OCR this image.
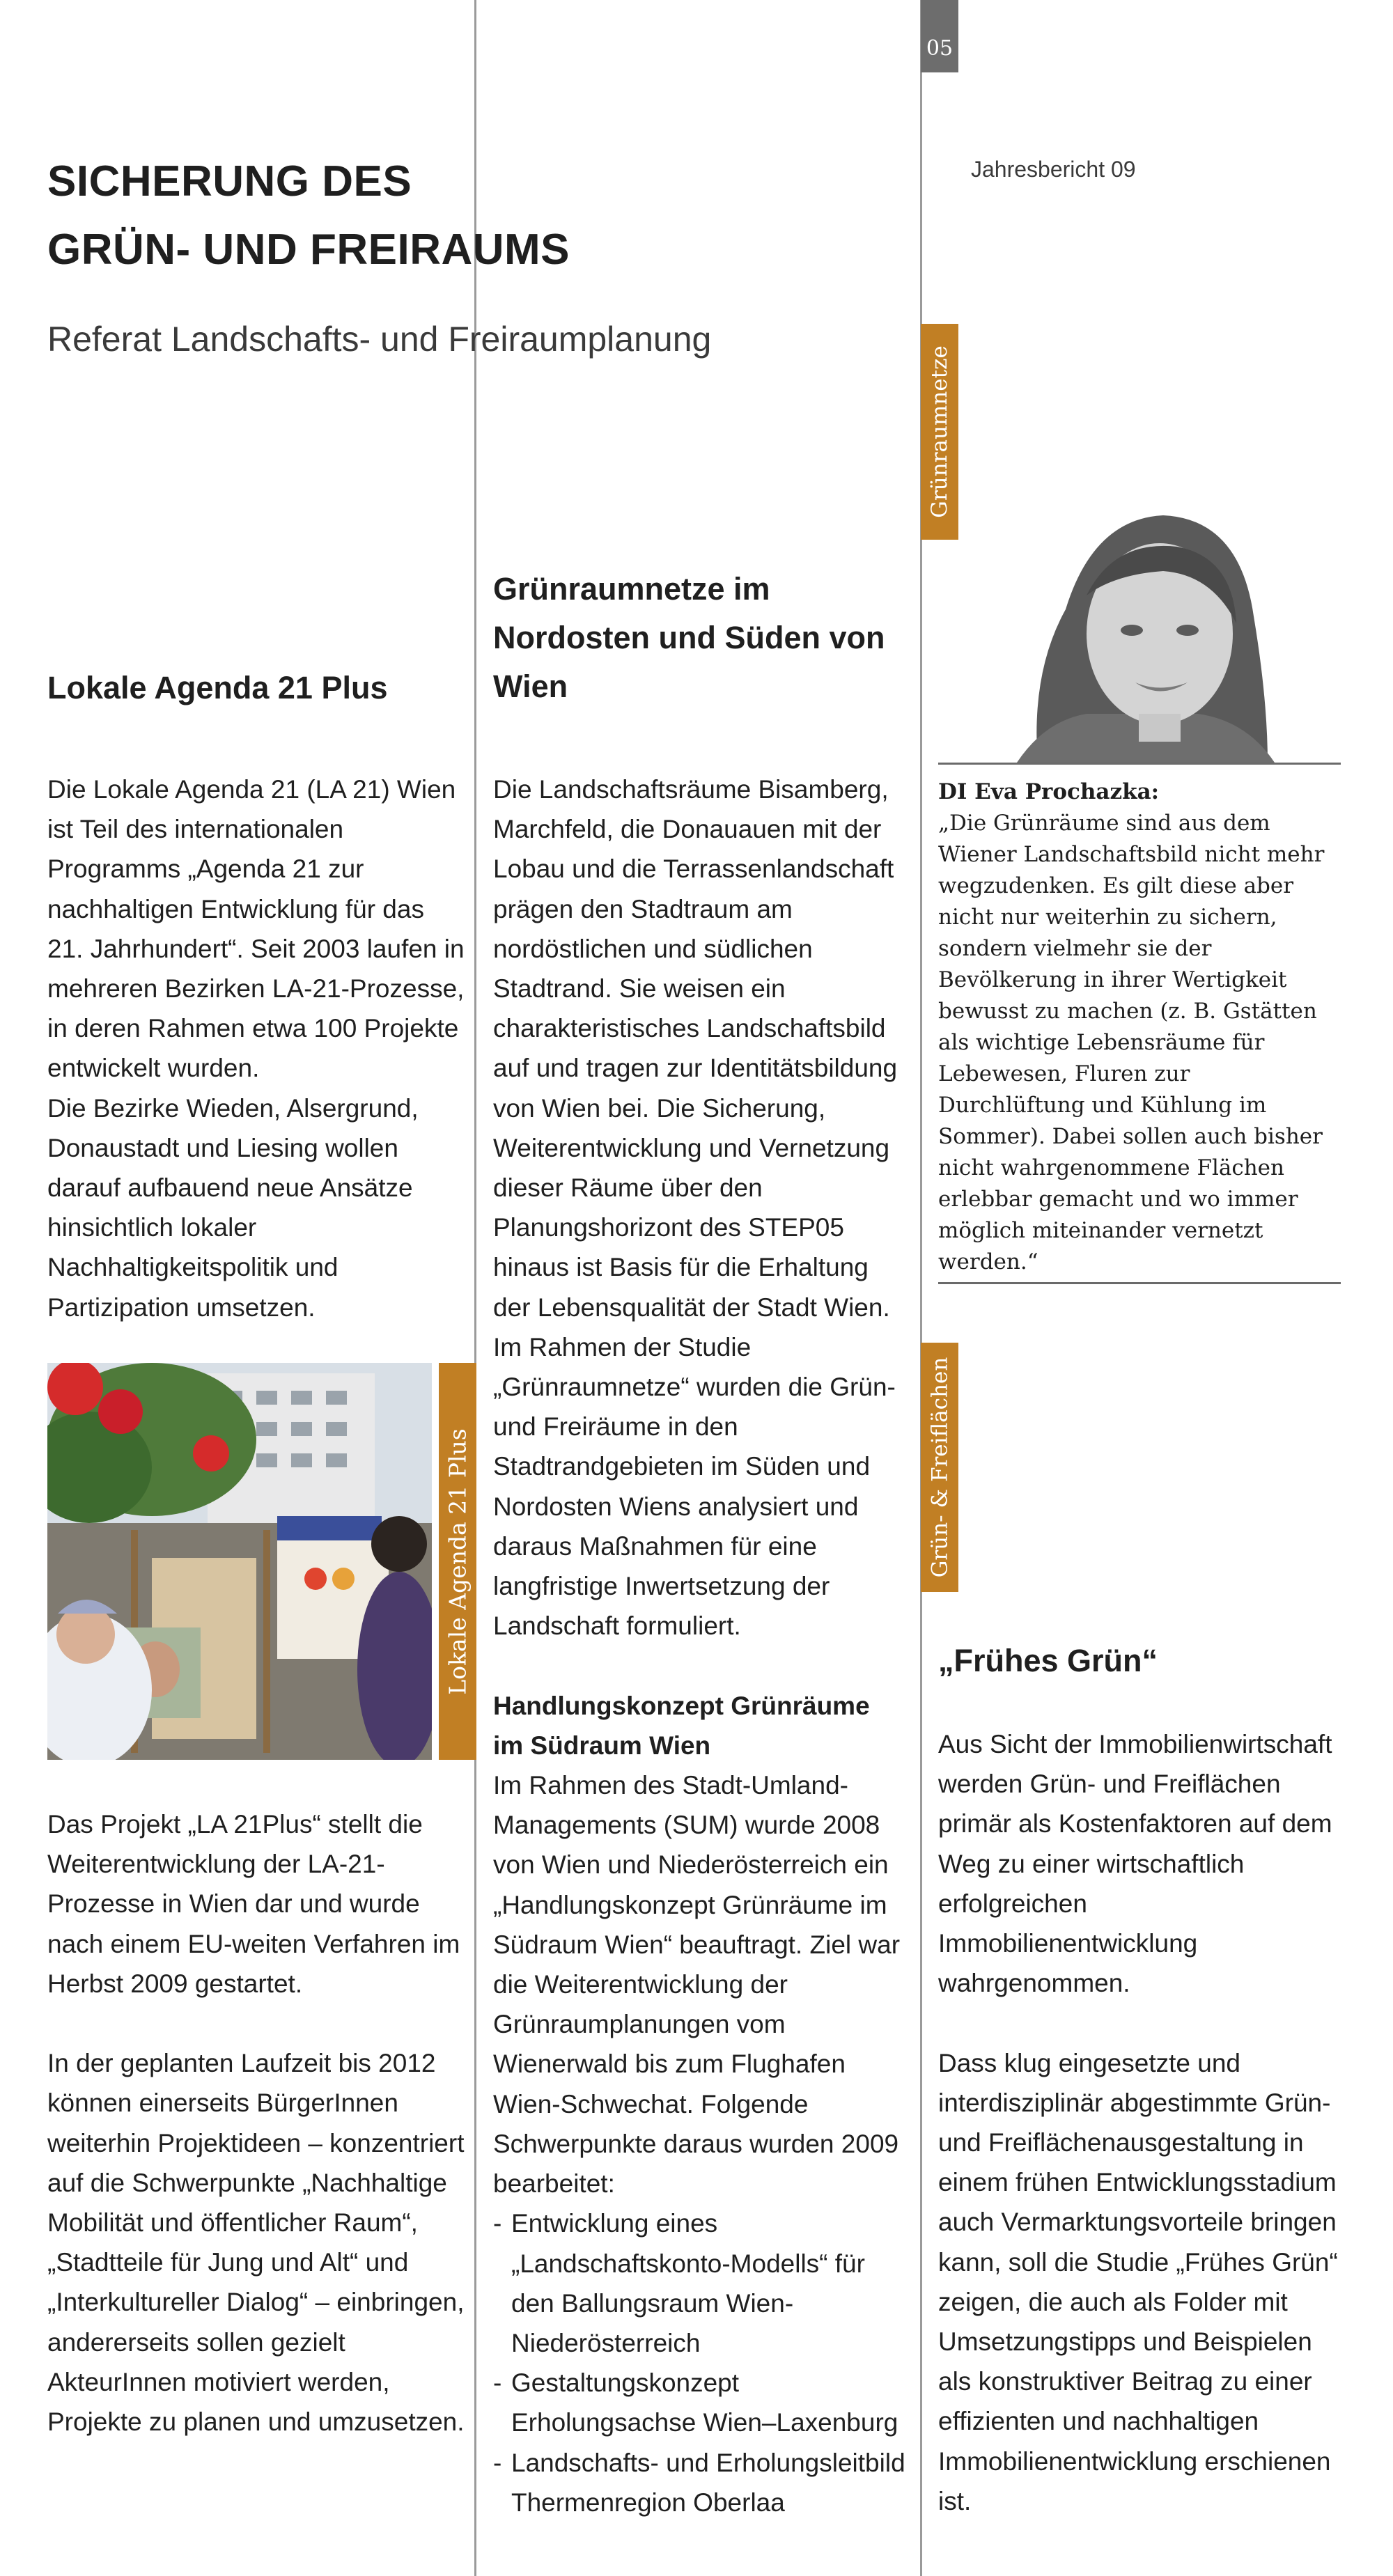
05
SICHERUNG DES
GRÜN- UND FREIRAUMS
Referat Landschafts- und Freiraumplanung
Jahresbericht 09
Grünraumnetze
Grün- & Freiflächen
Lokale Agenda 21 Plus

Die Lokale Agenda 21 (LA 21) Wien ist Teil des internationalen Programms „Agenda 21 zur nachhaltigen Entwicklung für das 21. Jahrhundert“. Seit 2003 laufen in mehreren Bezirken LA-21-Prozesse, in deren Rahmen etwa 100 Projekte entwickelt wurden.

Die Bezirke Wieden, Alsergrund, Donaustadt und Liesing wollen darauf aufbauend neue Ansätze hinsichtlich lokaler Nachhaltigkeitspolitik und Partizipation umsetzen.

Lokale Agenda 21 Plus

Das Projekt „LA 21Plus“ stellt die Weiterentwicklung der LA-21-Prozesse in Wien dar und wurde nach einem EU-weiten Verfahren im Herbst 2009 gestartet.

In der geplanten Laufzeit bis 2012 können einerseits BürgerInnen weiterhin Projektideen – konzentriert auf die Schwerpunkte „Nachhaltige Mobilität und öffentlicher Raum“, „Stadtteile für Jung und Alt“ und „Interkultureller Dialog“ – einbringen, andererseits sollen gezielt AkteurInnen motiviert werden, Projekte zu planen und umzusetzen.

Grünraumnetze im Nordosten und Süden von Wien

Die Landschaftsräume Bisamberg, Marchfeld, die Donauauen mit der Lobau und die Terrassenlandschaft prägen den Stadtraum am nordöstlichen und südlichen Stadtrand. Sie weisen ein charakteristisches Landschaftsbild auf und tragen zur Identitätsbildung von Wien bei. Die Sicherung, Weiterentwicklung und Vernetzung dieser Räume über den Planungshorizont des STEP05 hinaus ist Basis für die Erhaltung der Lebensqualität der Stadt Wien. Im Rahmen der Studie „Grünraumnetze“ wurden die Grün- und Freiräume in den Stadtrandgebieten im Süden und Nordosten Wiens analysiert und daraus Maßnahmen für eine langfristige Inwertsetzung der Landschaft formuliert.

Handlungskonzept Grünräume im Südraum Wien

Im Rahmen des Stadt-Umland-Managements (SUM) wurde 2008 von Wien und Niederösterreich ein „Handlungskonzept Grünräume im Südraum Wien“ beauftragt. Ziel war die Weiterentwicklung der Grünraumplanungen vom Wienerwald bis zum Flughafen Wien-Schwechat. Folgende Schwerpunkte daraus wurden 2009 bearbeitet:

- Entwicklung eines „Landschaftskonto-Modells“ für den Ballungsraum Wien-Niederösterreich
- Gestaltungskonzept Erholungsachse Wien–Laxenburg
- Landschafts- und Erholungsleitbild Thermenregion Oberlaa
DI Eva Prochazka:
„Die Grünräume sind aus dem Wiener Landschaftsbild nicht mehr wegzudenken. Es gilt diese aber nicht nur weiterhin zu sichern, sondern vielmehr sie der Bevölkerung in ihrer Wertigkeit bewusst zu machen (z. B. Gstätten als wichtige Lebensräume für Lebewesen, Fluren zur Durchlüftung und Kühlung im Sommer). Dabei sollen auch bisher nicht wahrgenommene Flächen erlebbar gemacht und wo immer möglich miteinander vernetzt werden.“
„Frühes Grün“

Aus Sicht der Immobilienwirtschaft werden Grün- und Freiflächen primär als Kostenfaktoren auf dem Weg zu einer wirtschaftlich erfolgreichen Immobilienentwicklung wahrgenommen.

Dass klug eingesetzte und interdisziplinär abgestimmte Grün- und Freiflächenausgestaltung in einem frühen Entwicklungsstadium auch Vermarktungsvorteile bringen kann, soll die Studie „Frühes Grün“ zeigen, die auch als Folder mit Umsetzungstipps und Beispielen als konstruktiver Beitrag zu einer effizienten und nachhaltigen Immobilienentwicklung erschienen ist.
